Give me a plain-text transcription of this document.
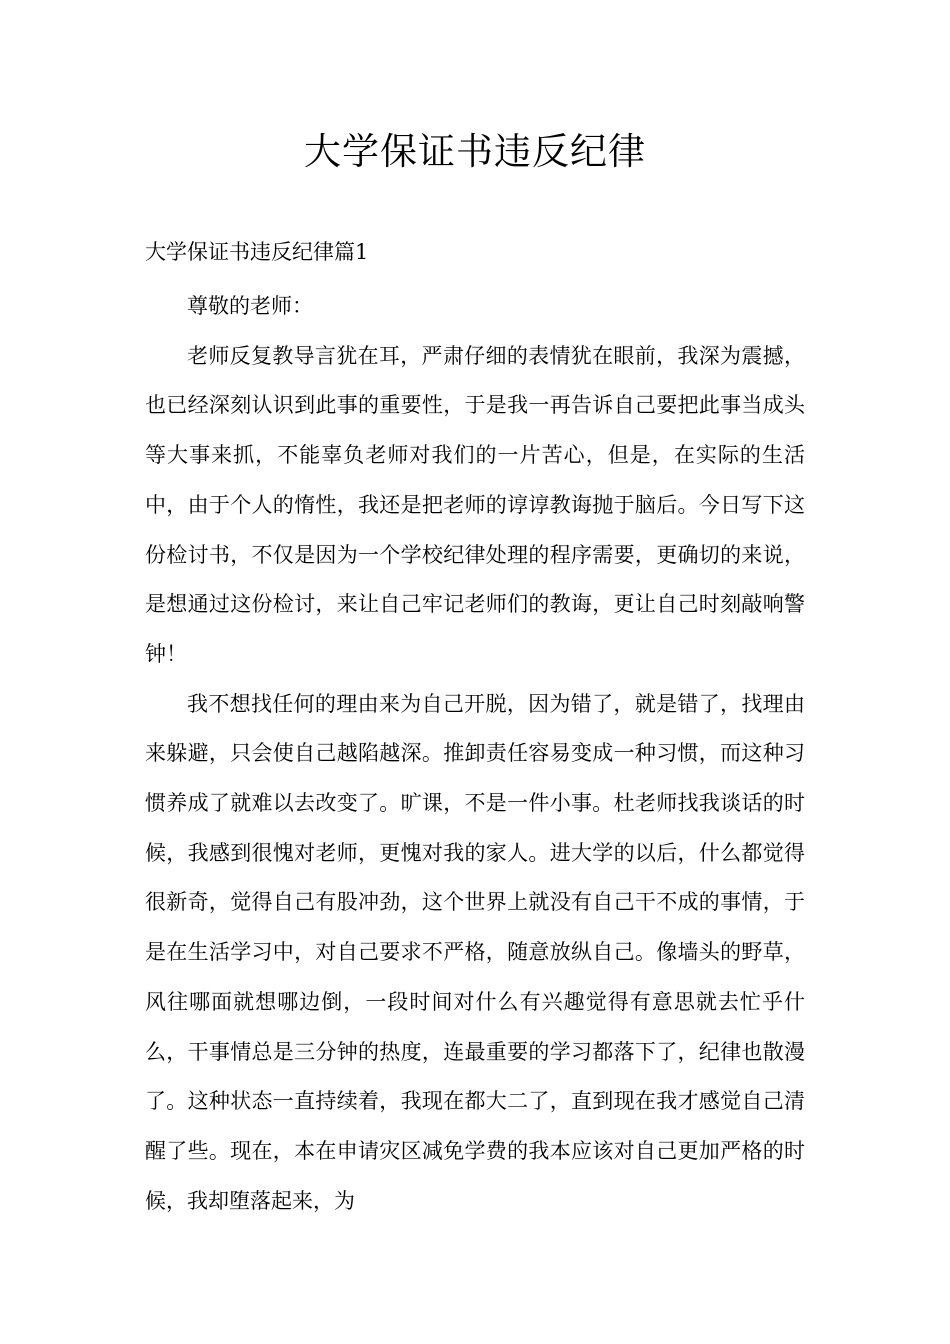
大学保证书违反纪律
大学保证书违反纪律篇1

尊敬的老师：

老师反复教导言犹在耳，严肃仔细的表情犹在眼前，我深为震撼，也已经深刻认识到此事的重要性，于是我一再告诉自己要把此事当成头等大事来抓，不能辜负老师对我们的一片苦心，但是，在实际的生活中，由于个人的惰性，我还是把老师的谆谆教诲抛于脑后。今日写下这份检讨书，不仅是因为一个学校纪律处理的程序需要，更确切的来说，是想通过这份检讨，来让自己牢记老师们的教诲，更让自己时刻敲响警钟！

我不想找任何的理由来为自己开脱，因为错了，就是错了，找理由来躲避，只会使自己越陷越深。推卸责任容易变成一种习惯，而这种习惯养成了就难以去改变了。旷课，不是一件小事。杜老师找我谈话的时候，我感到很愧对老师，更愧对我的家人。进大学的以后，什么都觉得很新奇，觉得自己有股冲劲，这个世界上就没有自己干不成的事情，于是在生活学习中，对自己要求不严格，随意放纵自己。像墙头的野草，风往哪面就想哪边倒，一段时间对什么有兴趣觉得有意思就去忙乎什么，干事情总是三分钟的热度，连最重要的学习都落下了，纪律也散漫了。这种状态一直持续着，我现在都大二了，直到现在我才感觉自己清醒了些。现在，本在申请灾区减免学费的我本应该对自己更加严格的时候，我却堕落起来，为
